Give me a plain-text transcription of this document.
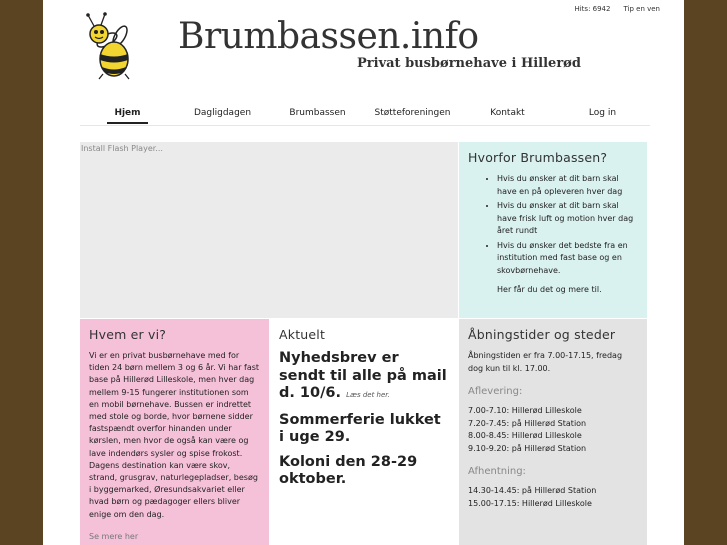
Hits: 6942 Tip en ven
Brumbassen.info
Privat busbørnehave i Hillerød
Hjem	Dagligdagen	Brumbassen	Støtteforeningen	Kontakt	Log in
Install Flash Player...
Hvorfor Brumbassen?
• Hvis du ønsker at dit barn skal have en på opleveren hver dag
• Hvis du ønsker at dit barn skal have frisk luft og motion hver dag året rundt
• Hvis du ønsker det bedste fra en institution med fast base og en skovbørnehave.

Her får du det og mere til.

Hvem er vi?

Vi er en privat busbørnehave med for tiden 24 børn mellem 3 og 6 år. Vi har fast base på Hillerød Lilleskole, men hver dag mellem 9-15 fungerer institutionen som en mobil børnehave. Bussen er indrettet med stole og borde, hvor børnene sidder fastspændt overfor hinanden under kørslen, men hvor de også kan være og lave indendørs sysler og spise frokost. Dagens destination kan være skov, strand, grusgrav, naturlegepladser, besøg i byggemarked, Øresundsakvariet eller hvad børn og pædagoger ellers bliver enige om den dag.

Se mere her

Aktuelt
Nyhedsbrev er sendt til alle på mail d. 10/6. Læs det her.
Sommerferie lukket i uge 29.
Koloni den 28-29 oktober.
Åbningstider og steder

Åbningstiden er fra 7.00-17.15, fredag dog kun til kl. 17.00.

Aflevering:

7.00-7.10: Hillerød Lilleskole

7.20-7.45: på Hillerød Station

8.00-8.45: Hillerød Lilleskole

9.10-9.20: på Hillerød Station

Afhentning:

14.30-14.45: på Hillerød Station

15.00-17.15: Hillerød Lilleskole
